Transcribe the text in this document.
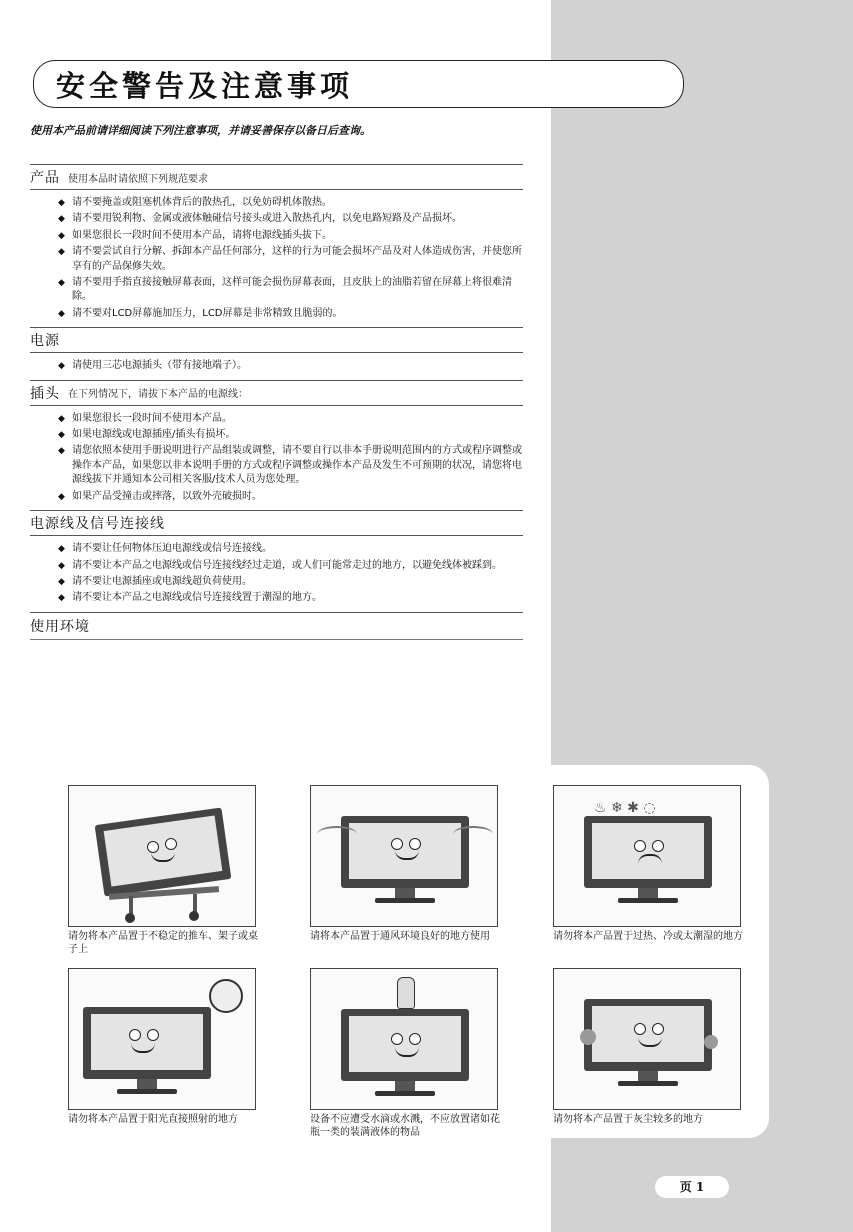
安全警告及注意事项
使用本产品前请详细阅读下列注意事项，并请妥善保存以备日后查询。
产品 使用本品时请依照下列规范要求
◆ 请不要掩盖或阻塞机体背后的散热孔，以免妨碍机体散热。
◆ 请不要用锐利物、金属或液体触碰信号接头或进入散热孔内，以免电路短路及产品损坏。
◆ 如果您很长一段时间不使用本产品，请将电源线插头拔下。
◆ 请不要尝试自行分解、拆卸本产品任何部分，这样的行为可能会损坏产品及对人体造成伤害，并使您所享有的产品保修失效。
◆ 请不要用手指直接接触屏幕表面，这样可能会损伤屏幕表面，且皮肤上的油脂若留在屏幕上将很难清除。
◆ 请不要对LCD屏幕施加压力，LCD屏幕是非常精致且脆弱的。
电源
◆ 请使用三芯电源插头（带有接地端子）。
插头 在下列情况下，请拔下本产品的电源线：
◆ 如果您很长一段时间不使用本产品。
◆ 如果电源线或电源插座/插头有损坏。
◆ 请您依照本使用手册说明进行产品组装或调整，请不要自行以非本手册说明范围内的方式或程序调整或操作本产品，如果您以非本说明手册的方式或程序调整或操作本产品及发生不可预期的状况，请您将电源线拔下并通知本公司相关客服/技术人员为您处理。
◆ 如果产品受撞击或摔落，以致外壳破损时。
电源线及信号连接线
◆ 请不要让任何物体压迫电源线或信号连接线。
◆ 请不要让本产品之电源线或信号连接线经过走道，或人们可能常走过的地方，以避免线体被踩到。
◆ 请不要让电源插座或电源线超负荷使用。
◆ 请不要让本产品之电源线或信号连接线置于潮湿的地方。
使用环境
请勿将本产品置于不稳定的推车、架子或桌子上
请将本产品置于通风环境良好的地方使用
♨ ❄ ✱ ◌
请勿将本产品置于过热、冷或太潮湿的地方
请勿将本产品置于阳光直接照射的地方	设备不应遭受水滴或水溅，不应放置诸如花瓶一类的装满液体的物品
请勿将本产品置于灰尘较多的地方
页 1
